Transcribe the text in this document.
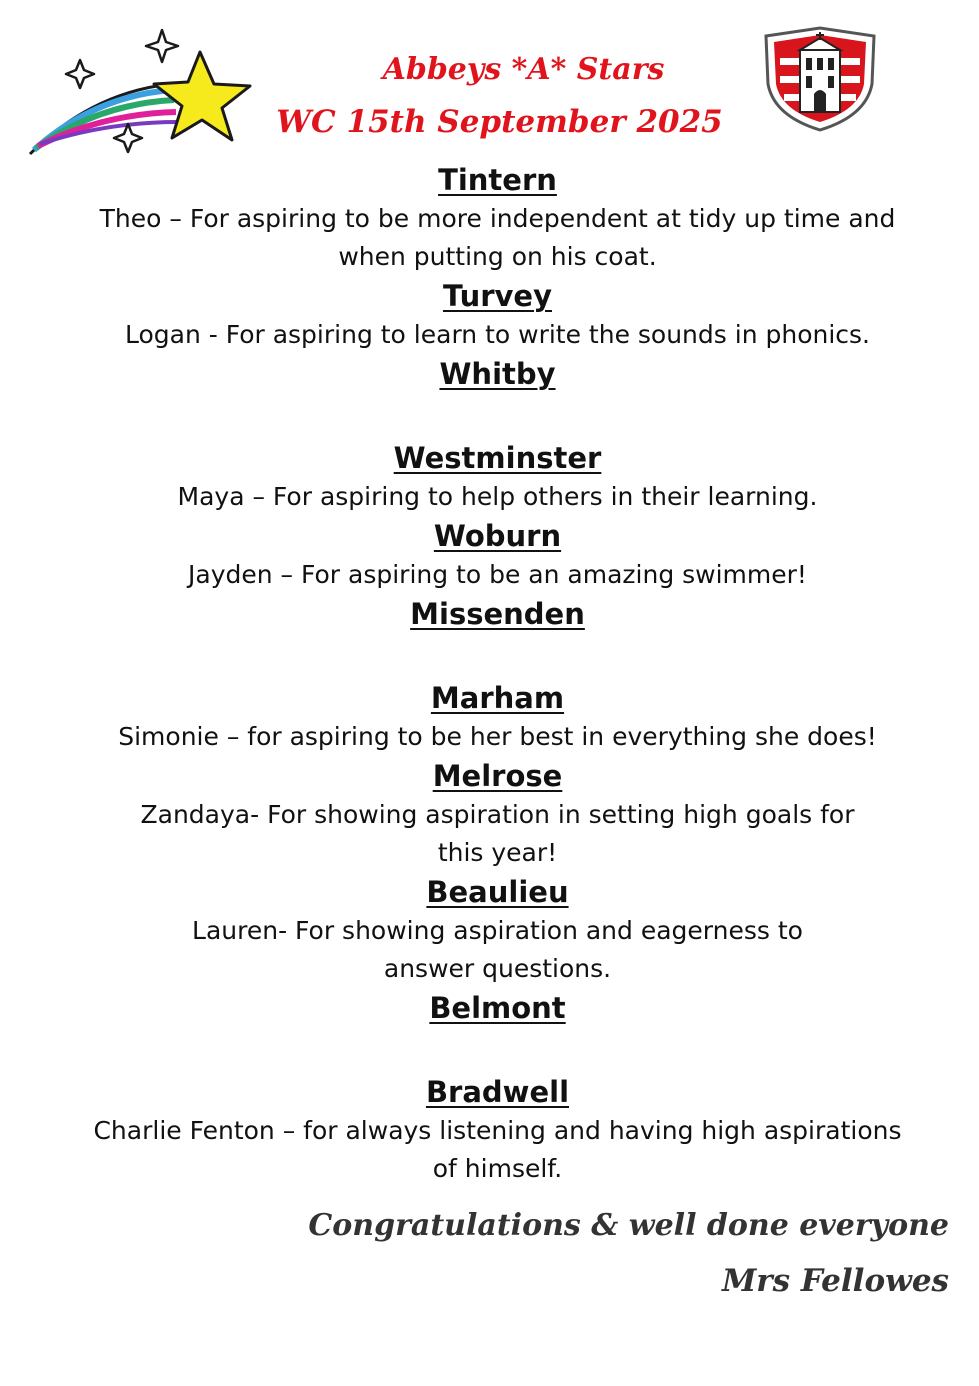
Abbeys *A* Stars
WC 15th September 2025
Tintern
Theo – For aspiring to be more independent at tidy up time and
when putting on his coat.
Turvey
Logan - For aspiring to learn to write the sounds in phonics.
Whitby
Westminster
Maya – For aspiring to help others in their learning.
Woburn
Jayden – For aspiring to be an amazing swimmer!
Missenden
Marham
Simonie – for aspiring to be her best in everything she does!
Melrose
Zandaya- For showing aspiration in setting high goals for
this year!
Beaulieu
Lauren- For showing aspiration and eagerness to
answer questions.
Belmont
Bradwell
Charlie Fenton – for always listening and having high aspirations
of himself.
Congratulations & well done everyone
Mrs Fellowes
